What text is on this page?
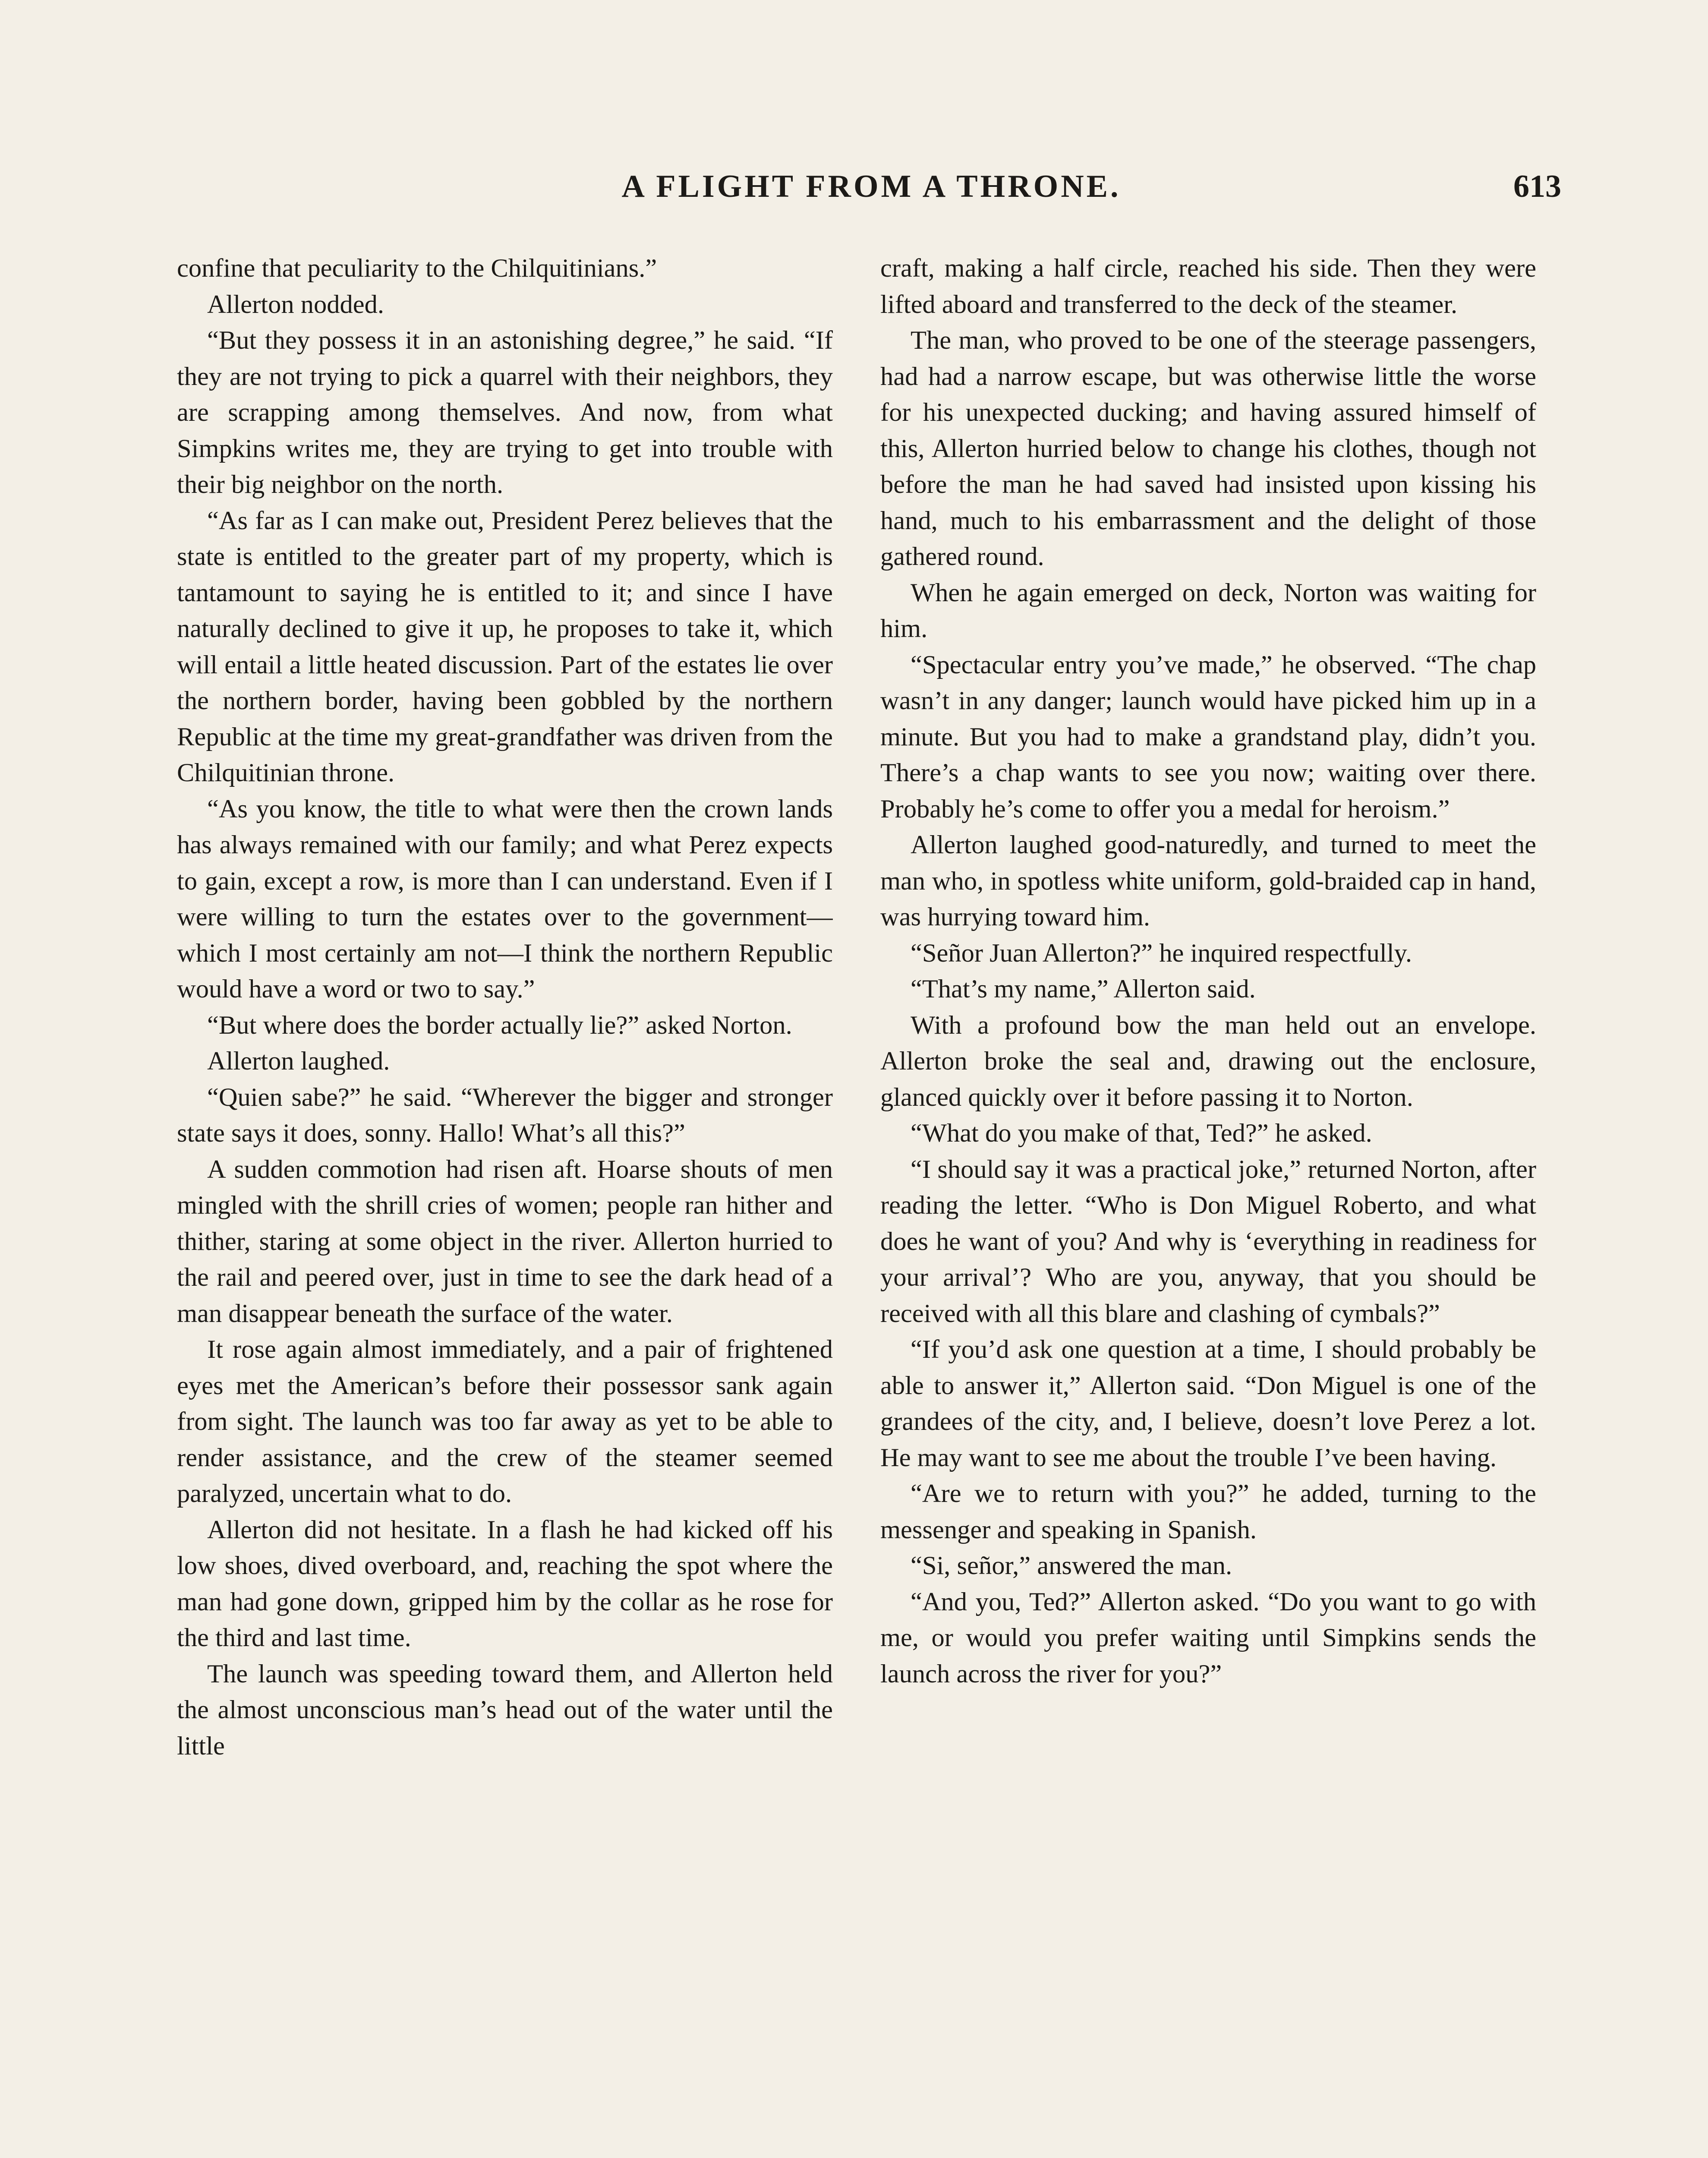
A FLIGHT FROM A THRONE.	613

confine that peculiarity to the Chilquitinians.”

Allerton nodded.

“But they possess it in an astonishing degree,” he said. “If they are not trying to pick a quarrel with their neighbors, they are scrapping among themselves. And now, from what Simpkins writes me, they are trying to get into trouble with their big neighbor on the north.

“As far as I can make out, President Perez believes that the state is entitled to the greater part of my property, which is tantamount to saying he is entitled to it; and since I have naturally declined to give it up, he proposes to take it, which will entail a little heated discussion. Part of the estates lie over the northern border, having been gobbled by the northern Republic at the time my great-grandfather was driven from the Chilquitinian throne.

“As you know, the title to what were then the crown lands has always remained with our family; and what Perez expects to gain, except a row, is more than I can understand. Even if I were willing to turn the estates over to the government—which I most certainly am not—I think the northern Republic would have a word or two to say.”

“But where does the border actually lie?” asked Norton.

Allerton laughed.

“Quien sabe?” he said. “Wherever the bigger and stronger state says it does, sonny. Hallo! What’s all this?”

A sudden commotion had risen aft. Hoarse shouts of men mingled with the shrill cries of women; people ran hither and thither, staring at some object in the river. Allerton hurried to the rail and peered over, just in time to see the dark head of a man disappear beneath the surface of the water.

It rose again almost immediately, and a pair of frightened eyes met the American’s before their possessor sank again from sight. The launch was too far away as yet to be able to render assistance, and the crew of the steamer seemed paralyzed, uncertain what to do.

Allerton did not hesitate. In a flash he had kicked off his low shoes, dived overboard, and, reaching the spot where the man had gone down, gripped him by the collar as he rose for the third and last time.

The launch was speeding toward them, and Allerton held the almost unconscious man’s head out of the water until the little

craft, making a half circle, reached his side. Then they were lifted aboard and transferred to the deck of the steamer.

The man, who proved to be one of the steerage passengers, had had a narrow escape, but was otherwise little the worse for his unexpected ducking; and having assured himself of this, Allerton hurried below to change his clothes, though not before the man he had saved had insisted upon kissing his hand, much to his embarrassment and the delight of those gathered round.

When he again emerged on deck, Norton was waiting for him.

“Spectacular entry you’ve made,” he observed. “The chap wasn’t in any danger; launch would have picked him up in a minute. But you had to make a grandstand play, didn’t you. There’s a chap wants to see you now; waiting over there. Probably he’s come to offer you a medal for heroism.”

Allerton laughed good-naturedly, and turned to meet the man who, in spotless white uniform, gold-braided cap in hand, was hurrying toward him.

“Señor Juan Allerton?” he inquired respectfully.

“That’s my name,” Allerton said.

With a profound bow the man held out an envelope. Allerton broke the seal and, drawing out the enclosure, glanced quickly over it before passing it to Norton.

“What do you make of that, Ted?” he asked.

“I should say it was a practical joke,” returned Norton, after reading the letter. “Who is Don Miguel Roberto, and what does he want of you? And why is ‘everything in readiness for your arrival’? Who are you, anyway, that you should be received with all this blare and clashing of cymbals?”

“If you’d ask one question at a time, I should probably be able to answer it,” Allerton said. “Don Miguel is one of the grandees of the city, and, I believe, doesn’t love Perez a lot. He may want to see me about the trouble I’ve been having.

“Are we to return with you?” he added, turning to the messenger and speaking in Spanish.

“Si, señor,” answered the man.

“And you, Ted?” Allerton asked. “Do you want to go with me, or would you prefer waiting until Simpkins sends the launch across the river for you?”
